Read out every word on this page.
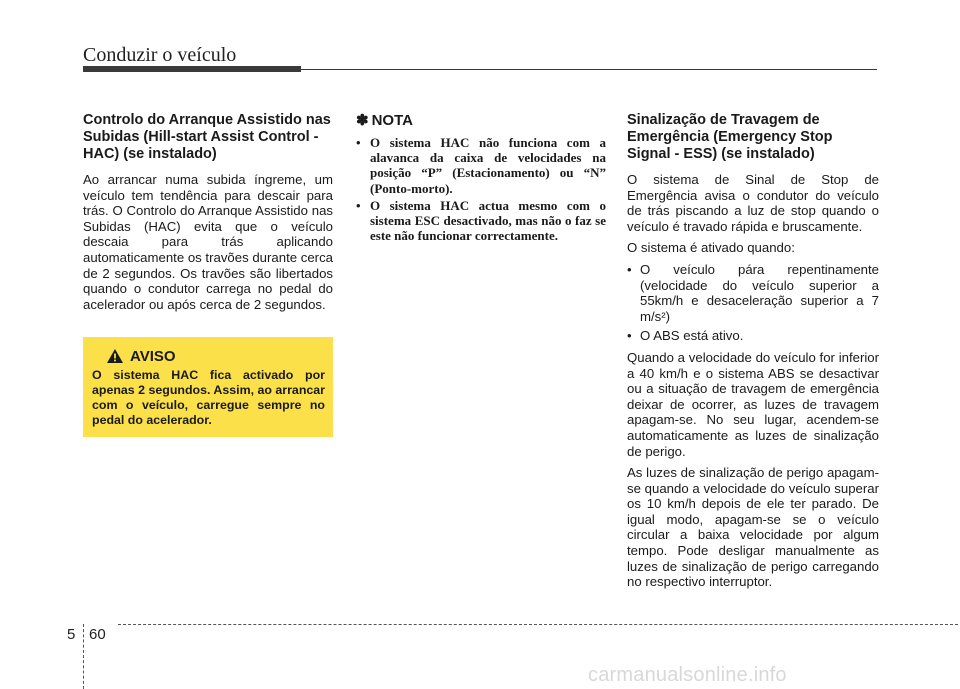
Conduzir o veículo
Controlo do Arranque Assistido nas Subidas (Hill-start Assist Control - HAC) (se instalado)

Ao arrancar numa subida íngreme, um veículo tem tendência para descair para trás. O Controlo do Arranque Assistido nas Subidas (HAC) evita que o veículo descaia para trás aplicando automaticamente os travões durante cerca de 2 segundos. Os travões são libertados quando o condutor carrega no pedal do acelerador ou após cerca de 2 segundos.

AVISO
O sistema HAC fica activado por apenas 2 segundos. Assim, ao arrancar com o veículo, carregue sempre no pedal do acelerador.
✽ NOTA
• O sistema HAC não funciona com a alavanca da caixa de velocidades na posição “P” (Estacionamento) ou “N” (Ponto-morto).
• O sistema HAC actua mesmo com o sistema ESC desactivado, mas não o faz se este não funcionar correctamente.
Sinalização de Travagem de Emergência (Emergency Stop Signal - ESS) (se instalado)

O sistema de Sinal de Stop de Emergência avisa o condutor do veículo de trás piscando a luz de stop quando o veículo é travado rápida e bruscamente.

O sistema é ativado quando:

• O veículo pára repentinamente (velocidade do veículo superior a 55km/h e desaceleração superior a 7 m/s²)
• O ABS está ativo.

Quando a velocidade do veículo for inferior a 40 km/h e o sistema ABS se desactivar ou a situação de travagem de emergência deixar de ocorrer, as luzes de travagem apagam-se. No seu lugar, acendem-se automaticamente as luzes de sinalização de perigo.

As luzes de sinalização de perigo apagam-se quando a velocidade do veículo superar os 10 km/h depois de ele ter parado. De igual modo, apagam-se se o veículo circular a baixa velocidade por algum tempo. Pode desligar manualmente as luzes de sinalização de perigo carregando no respectivo interruptor.

5 60
carmanualsonline.info
